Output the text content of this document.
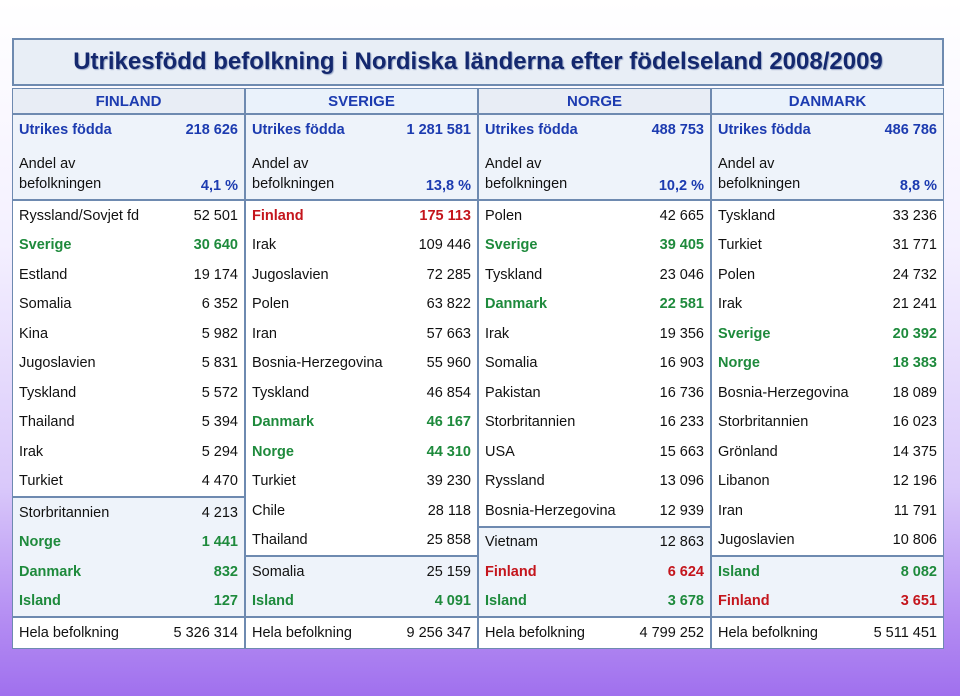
Utrikesfödd befolkning i Nordiska länderna efter födelseland 2008/2009
FINLAND
Utrikes födda	218 626
Andel av
befolkningen	4,1 %
Ryssland/Sovjet fd	52 501
Sverige	30 640
Estland	19 174
Somalia	6 352
Kina	5 982
Jugoslavien	5 831
Tyskland	5 572
Thailand	5 394
Irak	5 294
Turkiet	4 470
Storbritannien	4 213
Norge	1 441
Danmark	832
Island	127
Hela befolkning	5 326 314
SVERIGE
Utrikes födda	1 281 581
Andel av
befolkningen	13,8 %
Finland	175 113
Irak	109 446
Jugoslavien	72 285
Polen	63 822
Iran	57 663
Bosnia-Herzegovina	55 960
Tyskland	46 854
Danmark	46 167
Norge	44 310
Turkiet	39 230
Chile	28 118
Thailand	25 858
Somalia	25 159
Island	4 091
Hela befolkning	9 256 347
NORGE
Utrikes födda	488 753
Andel av
befolkningen	10,2 %
Polen	42 665
Sverige	39 405
Tyskland	23 046
Danmark	22 581
Irak	19 356
Somalia	16 903
Pakistan	16 736
Storbritannien	16 233
USA	15 663
Ryssland	13 096
Bosnia-Herzegovina	12 939
Vietnam	12 863
Finland	6 624
Island	3 678
Hela befolkning	4 799 252
DANMARK
Utrikes födda	486 786
Andel av
befolkningen	8,8 %
Tyskland	33 236
Turkiet	31 771
Polen	24 732
Irak	21 241
Sverige	20 392
Norge	18 383
Bosnia-Herzegovina	18 089
Storbritannien	16 023
Grönland	14 375
Libanon	12 196
Iran	11 791
Jugoslavien	10 806
Island	8 082
Finland	3 651
Hela befolkning	5 511 451
